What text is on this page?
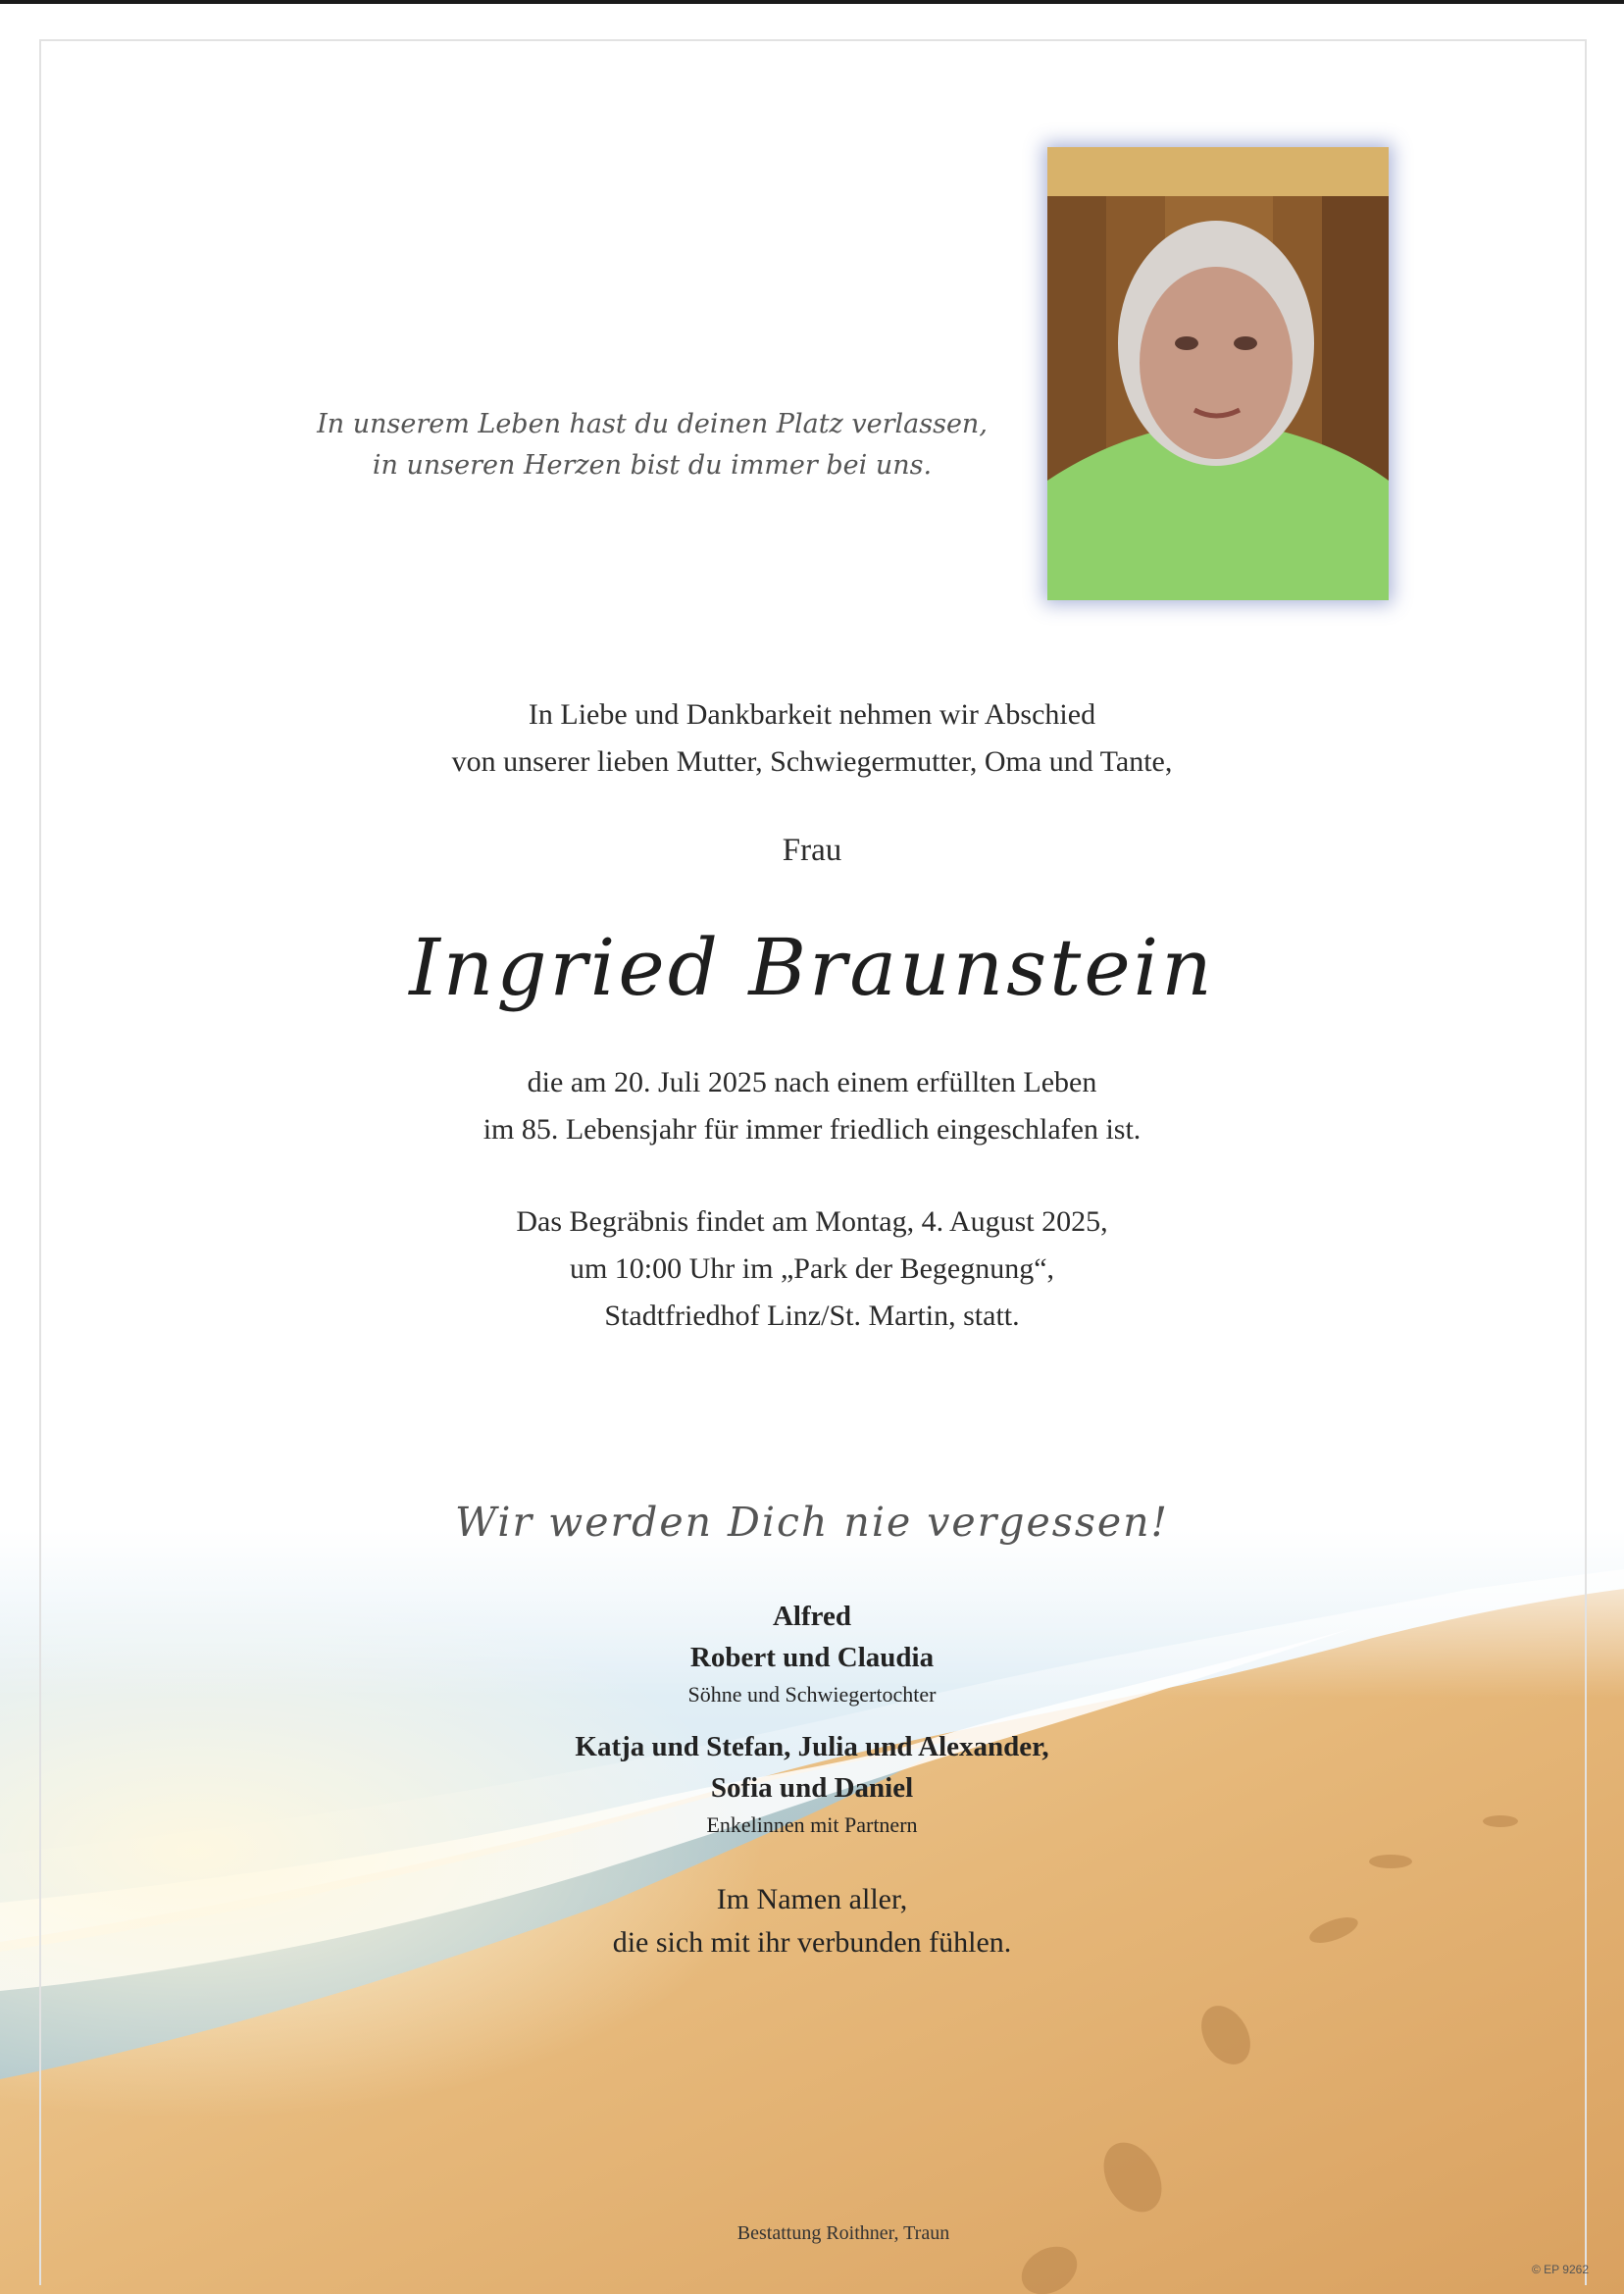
In unserem Leben hast du deinen Platz verlassen,
in unseren Herzen bist du immer bei uns.
In Liebe und Dankbarkeit nehmen wir Abschied
von unserer lieben Mutter, Schwiegermutter, Oma und Tante,
Frau
Ingried Braunstein
die am 20. Juli 2025 nach einem erfüllten Leben
im 85. Lebensjahr für immer friedlich eingeschlafen ist.
Das Begräbnis findet am Montag, 4. August 2025,
um 10:00 Uhr im „Park der Begegnung“,
Stadtfriedhof Linz/St. Martin, statt.
Wir werden Dich nie vergessen!
Alfred
Robert und Claudia
Söhne und Schwiegertochter
Katja und Stefan, Julia und Alexander,
Sofia und Daniel
Enkelinnen mit Partnern
Im Namen aller,
die sich mit ihr verbunden fühlen.
Bestattung Roithner, Traun
© EP 9262
